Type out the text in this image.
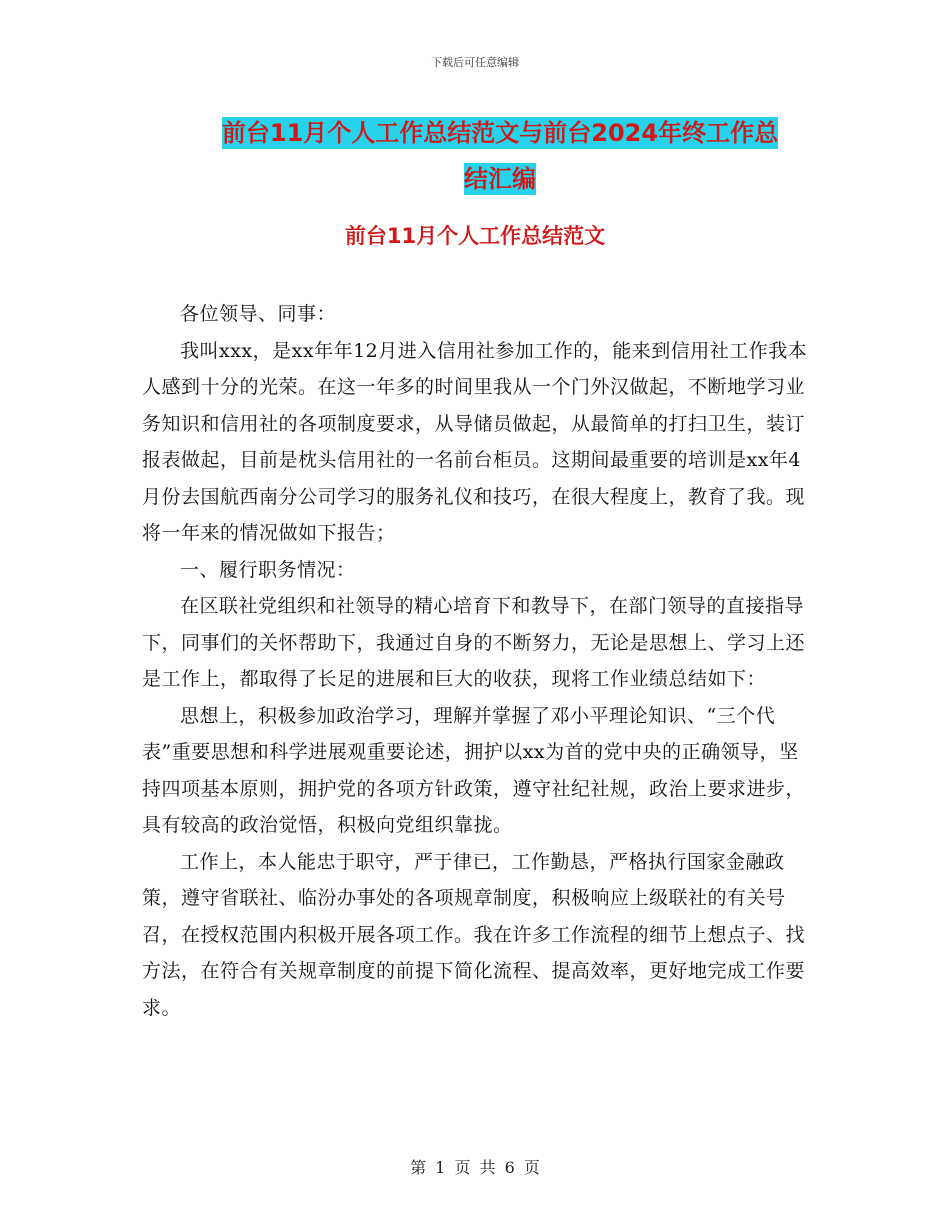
下载后可任意编辑
前台11月个人工作总结范文与前台2024年终工作总
结汇编
前台11月个人工作总结范文

各位领导、同事：

我叫xxx，是xx年年12月进入信用社参加工作的，能来到信用社工作我本人感到十分的光荣。在这一年多的时间里我从一个门外汉做起，不断地学习业务知识和信用社的各项制度要求，从导储员做起，从最简单的打扫卫生，装订报表做起，目前是枕头信用社的一名前台柜员。这期间最重要的培训是xx年4月份去国航西南分公司学习的服务礼仪和技巧，在很大程度上，教育了我。现将一年来的情况做如下报告；

一、履行职务情况：

在区联社党组织和社领导的精心培育下和教导下，在部门领导的直接指导下，同事们的关怀帮助下，我通过自身的不断努力，无论是思想上、学习上还是工作上，都取得了长足的进展和巨大的收获，现将工作业绩总结如下：

思想上，积极参加政治学习，理解并掌握了邓小平理论知识、“三个代表”重要思想和科学进展观重要论述，拥护以xx为首的党中央的正确领导，坚持四项基本原则，拥护党的各项方针政策，遵守社纪社规，政治上要求进步，具有较高的政治觉悟，积极向党组织靠拢。

工作上，本人能忠于职守，严于律已，工作勤恳，严格执行国家金融政策，遵守省联社、临汾办事处的各项规章制度，积极响应上级联社的有关号召，在授权范围内积极开展各项工作。我在许多工作流程的细节上想点子、找方法，在符合有关规章制度的前提下简化流程、提高效率，更好地完成工作要求。

第 1 页 共 6 页
